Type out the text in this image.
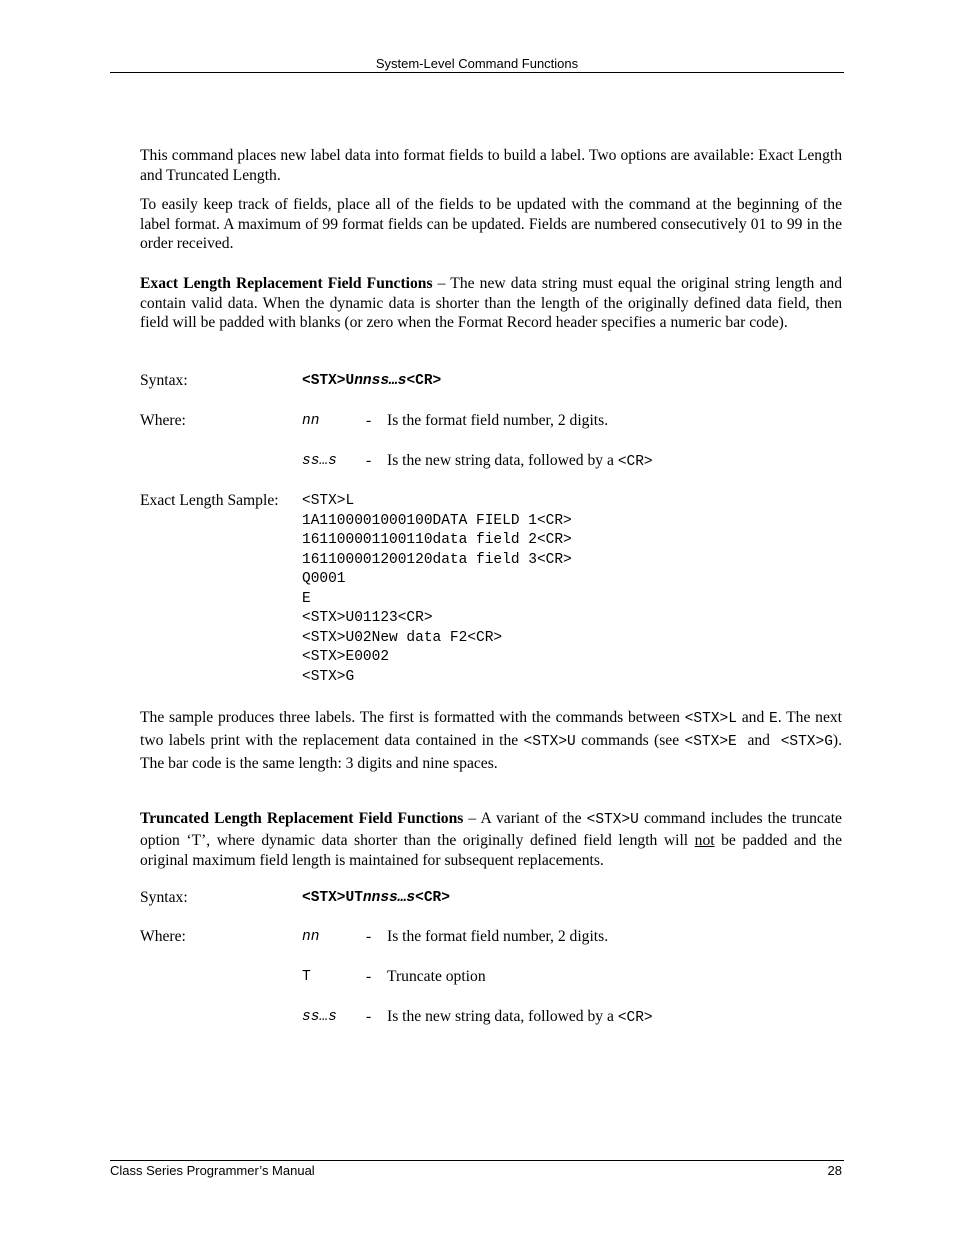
System-Level Command Functions

This command places new label data into format fields to build a label. Two options are available: Exact Length and Truncated Length.

To easily keep track of fields, place all of the fields to be updated with the command at the beginning of the label format. A maximum of 99 format fields can be updated. Fields are numbered consecutively 01 to 99 in the order received.

Exact Length Replacement Field Functions – The new data string must equal the original string length and contain valid data. When the dynamic data is shorter than the length of the originally defined data field, then field will be padded with blanks (or zero when the Format Record header specifies a numeric bar code).

Syntax:	<STX>Unnss…s<CR>
Where:	nn	- Is the format field number, 2 digits.
ss…s - Is the new string data, followed by a <CR>
Exact Length Sample: <STX>L
1A1100001000100DATA FIELD 1<CR>
161100001100110data field 2<CR>
161100001200120data field 3<CR>
Q0001
E
<STX>U01123<CR>
<STX>U02New data F2<CR>
<STX>E0002
<STX>G

The sample produces three labels. The first is formatted with the commands between <STX>L and E. The next two labels print with the replacement data contained in the <STX>U commands (see <STX>E  and  <STX>G). The bar code is the same length: 3 digits and nine spaces.

Truncated Length Replacement Field Functions – A variant of the <STX>U command includes the truncate option ‘T’, where dynamic data shorter than the originally defined field length will not be padded and the original maximum field length is maintained for subsequent replacements.

Syntax:	<STX>UTnnss…s<CR>
Where:	nn	- Is the format field number, 2 digits.
T	- Truncate option
ss…s - Is the new string data, followed by a <CR>
Class Series Programmer’s Manual	28
